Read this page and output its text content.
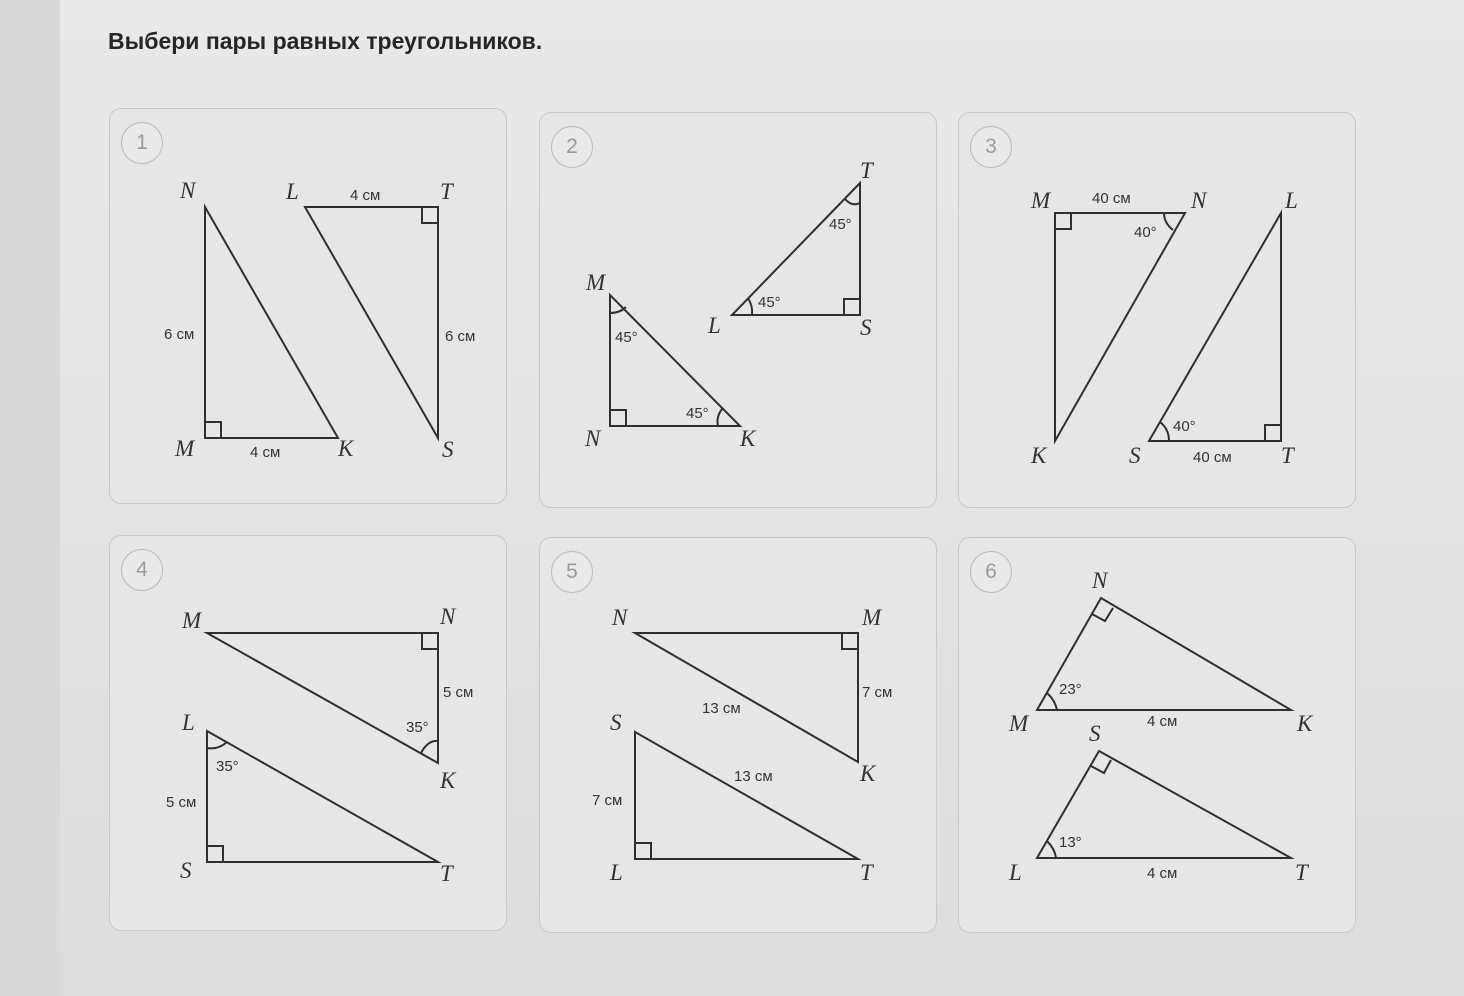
Выбери пары равных треугольников.
1
N
M	K
L	T
S
6 см
4 см
4 см
6 см
2
T
L	S
M
N	K
45°
45°
45°
45°
3
M	N
K
L
S	T
40 см
40°
40°
40 см
4
M	N
K
L
S	T
5 см
35°
35°
5 см
5
N	M
K
S
L	T
7 см
13 см
13 см
7 см
6	N
M	K
S
L	T
23°
4 см
13°
4 см
